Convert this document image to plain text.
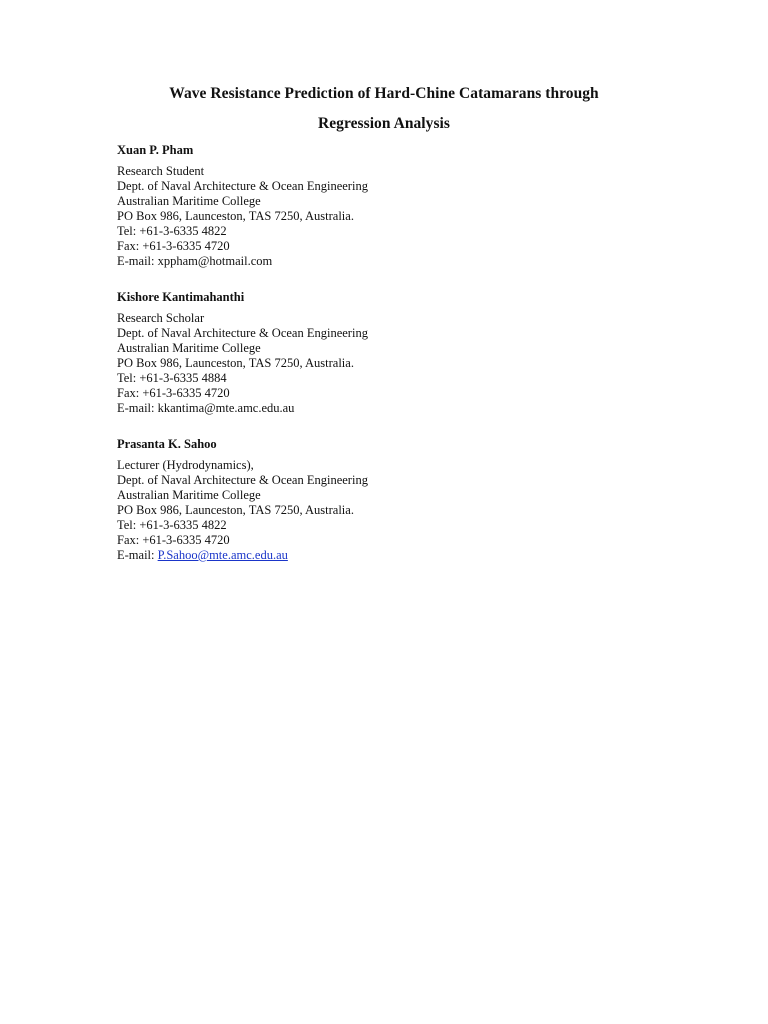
Wave Resistance Prediction of Hard-Chine Catamarans through
Regression Analysis

Xuan P. Pham

Research Student

Dept. of Naval Architecture & Ocean Engineering

Australian Maritime College

PO Box 986, Launceston, TAS 7250, Australia.

Tel: +61-3-6335 4822

Fax: +61-3-6335 4720

E-mail: xppham@hotmail.com

Kishore Kantimahanthi

Research Scholar

Dept. of Naval Architecture & Ocean Engineering

Australian Maritime College

PO Box 986, Launceston, TAS 7250, Australia.

Tel: +61-3-6335 4884

Fax: +61-3-6335 4720

E-mail: kkantima@mte.amc.edu.au

Prasanta K. Sahoo

Lecturer (Hydrodynamics),

Dept. of Naval Architecture & Ocean Engineering

Australian Maritime College

PO Box 986, Launceston, TAS 7250, Australia.

Tel: +61-3-6335 4822

Fax: +61-3-6335 4720

E-mail: P.Sahoo@mte.amc.edu.au
